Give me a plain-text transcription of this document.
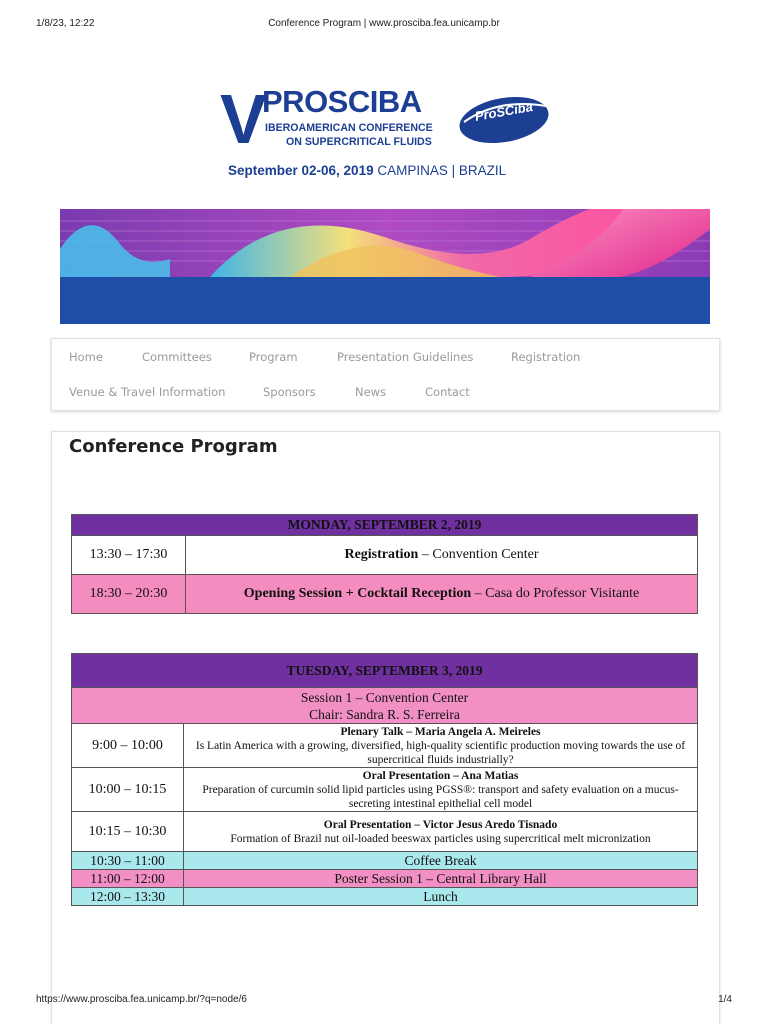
1/8/23, 12:22	Conference Program | www.prosciba.fea.unicamp.br
V
PROSCIBA
IBEROAMERICAN CONFERENCE
ON SUPERCRITICAL FLUIDS
September 02-06, 2019 CAMPINAS | BRAZIL
ProSCiba
Home	Committees	Program	Presentation Guidelines	Registration
Venue & Travel Information	Sponsors	News	Contact
Conference Program
MONDAY, SEPTEMBER 2, 2019	
13:30 – 17:30	Registration – Convention Center
18:30 – 20:30	Opening Session + Cocktail Reception – Casa do Professor Visitante
TUESDAY, SEPTEMBER 3, 2019	

Session 1 – Convention Center
Chair: Sandra R. S. Ferreira	

9:00 – 10:00	Plenary Talk – Maria Angela A. Meireles
Is Latin America with a growing, diversified, high-quality scientific production moving towards the use of supercritical fluids industrially?
10:00 – 10:15	Oral Presentation – Ana Matias
Preparation of curcumin solid lipid particles using PGSS®: transport and safety evaluation on a mucus-secreting intestinal epithelial cell model
10:15 – 10:30	Oral Presentation – Victor Jesus Aredo Tisnado
Formation of Brazil nut oil-loaded beeswax particles using supercritical melt micronization
10:30 – 11:00	Coffee Break
11:00 – 12:00	Poster Session 1 – Central Library Hall
12:00 – 13:30	Lunch
https://www.prosciba.fea.unicamp.br/?q=node/6	1/4
